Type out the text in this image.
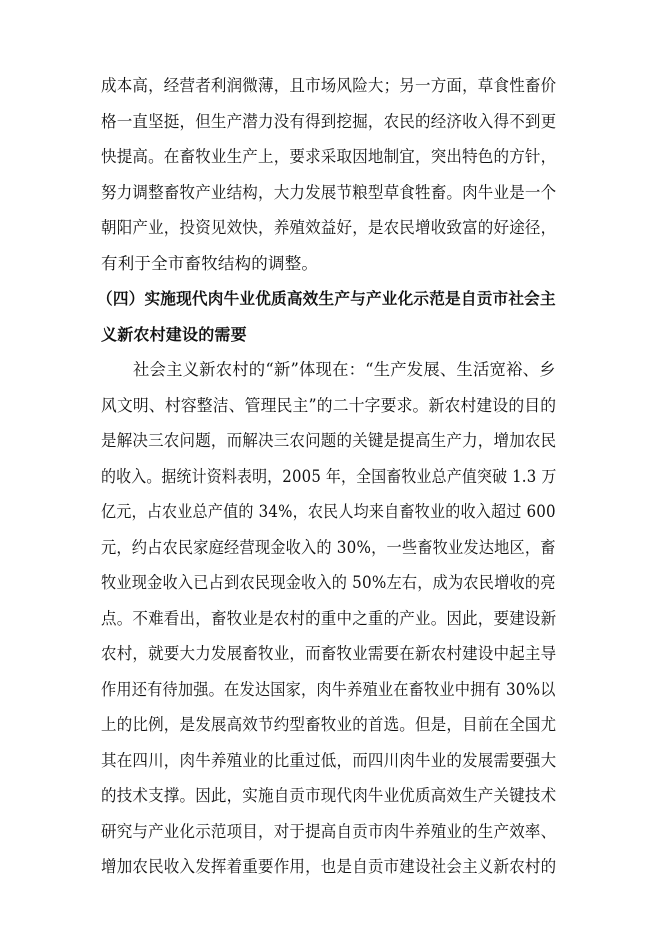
成本高，经营者利润微薄，且市场风险大；另一方面，草食性畜价
格一直坚挺，但生产潜力没有得到挖掘，农民的经济收入得不到更
快提高。在畜牧业生产上，要求采取因地制宜，突出特色的方针，
努力调整畜牧产业结构，大力发展节粮型草食牲畜。肉牛业是一个
朝阳产业，投资见效快，养殖效益好，是农民增收致富的好途径，
有利于全市畜牧结构的调整。
（四）实施现代肉牛业优质高效生产与产业化示范是自贡市社会主
义新农村建设的需要
社会主义新农村的“新”体现在：“生产发展、生活宽裕、乡
风文明、村容整洁、管理民主”的二十字要求。新农村建设的目的
是解决三农问题，而解决三农问题的关键是提高生产力，增加农民
的收入。据统计资料表明，2005 年，全国畜牧业总产值突破 1.3 万
亿元，占农业总产值的 34%，农民人均来自畜牧业的收入超过 600
元，约占农民家庭经营现金收入的 30%，一些畜牧业发达地区，畜
牧业现金收入已占到农民现金收入的 50%左右，成为农民增收的亮
点。不难看出，畜牧业是农村的重中之重的产业。因此，要建设新
农村，就要大力发展畜牧业，而畜牧业需要在新农村建设中起主导
作用还有待加强。在发达国家，肉牛养殖业在畜牧业中拥有 30%以
上的比例，是发展高效节约型畜牧业的首选。但是，目前在全国尤
其在四川，肉牛养殖业的比重过低，而四川肉牛业的发展需要强大
的技术支撑。因此，实施自贡市现代肉牛业优质高效生产关键技术
研究与产业化示范项目，对于提高自贡市肉牛养殖业的生产效率、
增加农民收入发挥着重要作用，也是自贡市建设社会主义新农村的
